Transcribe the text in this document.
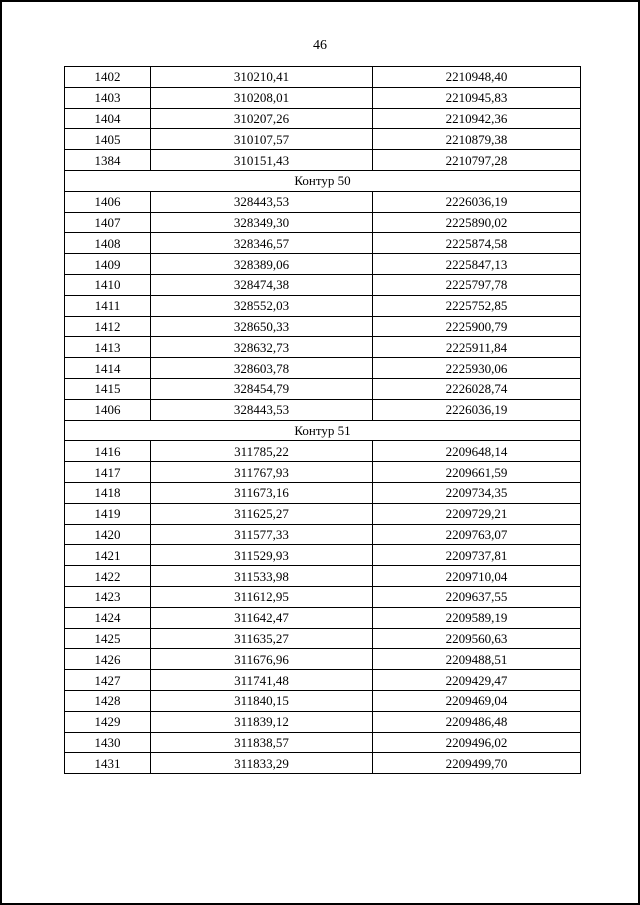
46
1402	310210,41	2210948,40
1403	310208,01	2210945,83
1404	310207,26	2210942,36
1405	310107,57	2210879,38
1384	310151,43	2210797,28
Контур 50		
1406	328443,53	2226036,19
1407	328349,30	2225890,02
1408	328346,57	2225874,58
1409	328389,06	2225847,13
1410	328474,38	2225797,78
1411	328552,03	2225752,85
1412	328650,33	2225900,79
1413	328632,73	2225911,84
1414	328603,78	2225930,06
1415	328454,79	2226028,74
1406	328443,53	2226036,19
Контур 51		
1416	311785,22	2209648,14
1417	311767,93	2209661,59
1418	311673,16	2209734,35
1419	311625,27	2209729,21
1420	311577,33	2209763,07
1421	311529,93	2209737,81
1422	311533,98	2209710,04
1423	311612,95	2209637,55
1424	311642,47	2209589,19
1425	311635,27	2209560,63
1426	311676,96	2209488,51
1427	311741,48	2209429,47
1428	311840,15	2209469,04
1429	311839,12	2209486,48
1430	311838,57	2209496,02
1431	311833,29	2209499,70
